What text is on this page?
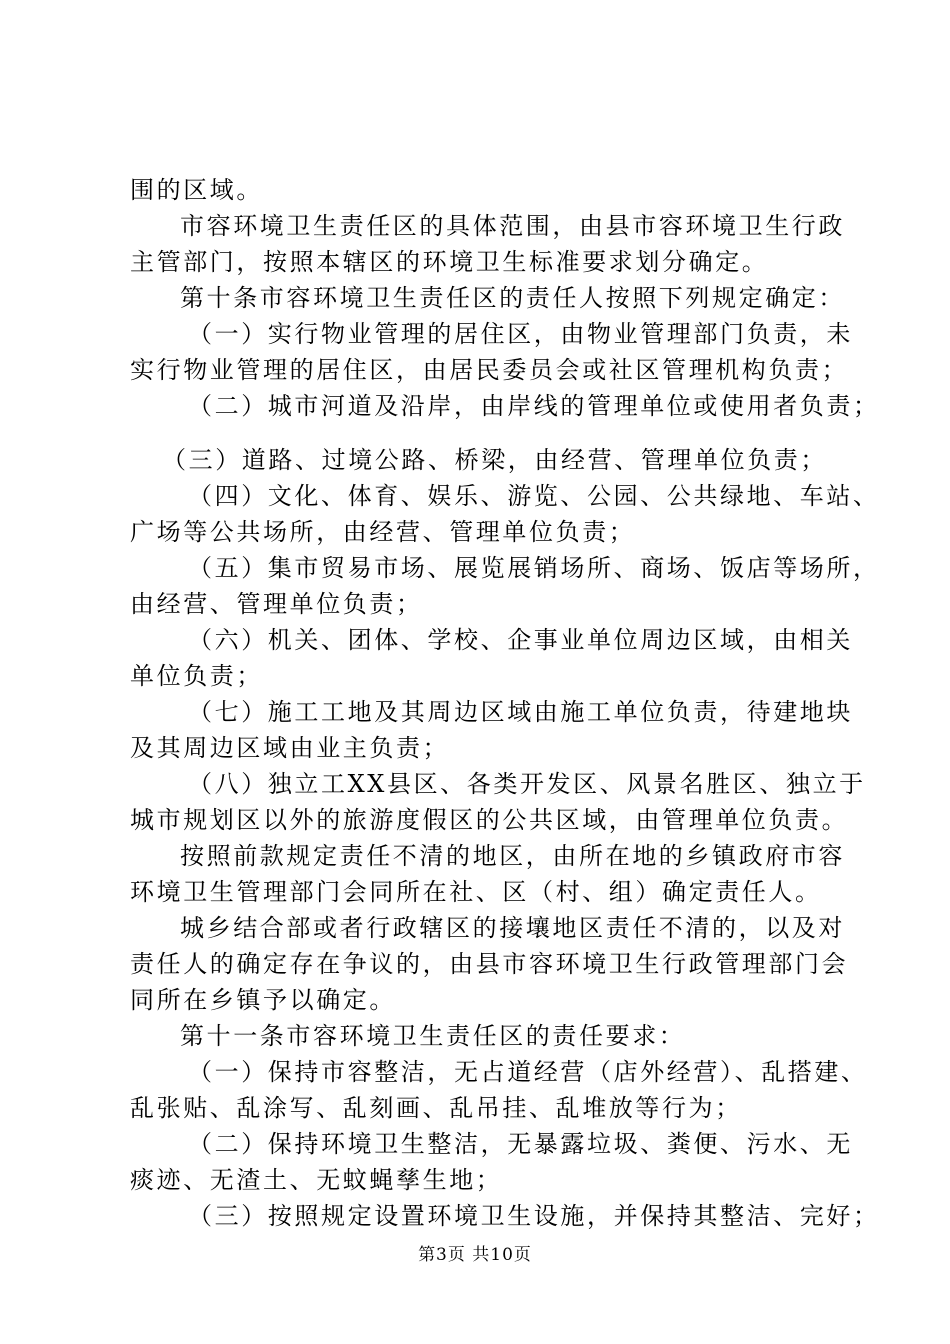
围的区域。
市容环境卫生责任区的具体范围，由县市容环境卫生行政
主管部门，按照本辖区的环境卫生标准要求划分确定。
第十条市容环境卫生责任区的责任人按照下列规定确定：
（一）实行物业管理的居住区，由物业管理部门负责，未
实行物业管理的居住区，由居民委员会或社区管理机构负责；
（二）城市河道及沿岸，由岸线的管理单位或使用者负责；
（三）道路、过境公路、桥梁，由经营、管理单位负责；
（四）文化、体育、娱乐、游览、公园、公共绿地、车站、
广场等公共场所，由经营、管理单位负责；
（五）集市贸易市场、展览展销场所、商场、饭店等场所，
由经营、管理单位负责；
（六）机关、团体、学校、企事业单位周边区域，由相关
单位负责；
（七）施工工地及其周边区域由施工单位负责，待建地块
及其周边区域由业主负责；
（八）独立工XX县区、各类开发区、风景名胜区、独立于
城市规划区以外的旅游度假区的公共区域，由管理单位负责。
按照前款规定责任不清的地区，由所在地的乡镇政府市容
环境卫生管理部门会同所在社、区（村、组）确定责任人。
城乡结合部或者行政辖区的接壤地区责任不清的，以及对
责任人的确定存在争议的，由县市容环境卫生行政管理部门会
同所在乡镇予以确定。
第十一条市容环境卫生责任区的责任要求：
（一）保持市容整洁，无占道经营（店外经营）、乱搭建、
乱张贴、乱涂写、乱刻画、乱吊挂、乱堆放等行为；
（二）保持环境卫生整洁，无暴露垃圾、粪便、污水、无
痰迹、无渣土、无蚊蝇孳生地；
（三）按照规定设置环境卫生设施，并保持其整洁、完好；
第3页 共10页
